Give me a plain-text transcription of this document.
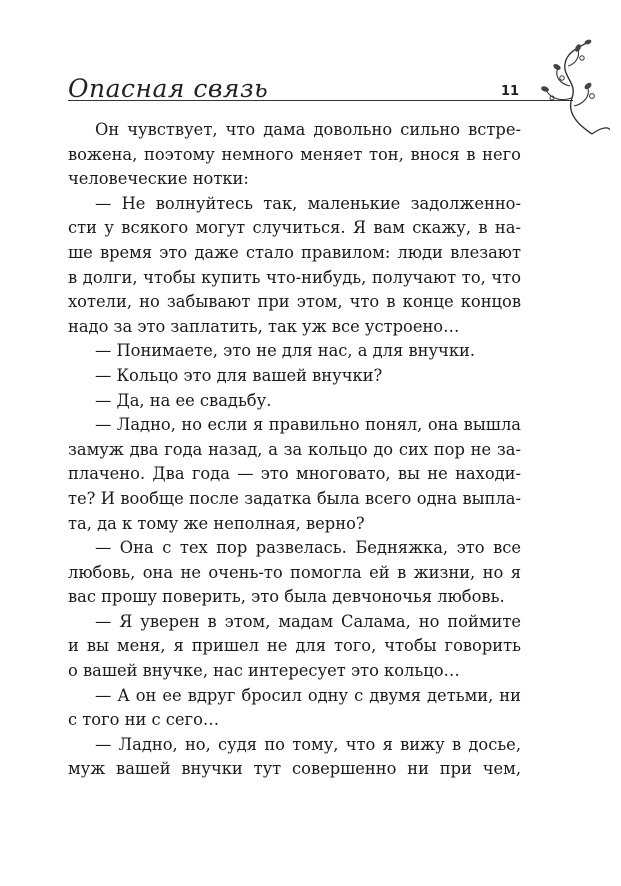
Опасная связь	11
Он чувствует, что дама довольно сильно встре-
вожена, поэтому немного меняет тон, внося в него
человеческие нотки:
— Не волнуйтесь так, маленькие задолженно-
сти у всякого могут случиться. Я вам скажу, в на-
ше время это даже стало правилом: люди влезают
в долги, чтобы купить что-нибудь, получают то, что
хотели, но забывают при этом, что в конце концов
надо за это заплатить, так уж все устроено…
— Понимаете, это не для нас, а для внучки.
— Кольцо это для вашей внучки?
— Да, на ее свадьбу.
— Ладно, но если я правильно понял, она вышла
замуж два года назад, а за кольцо до сих пор не за-
плачено. Два года — это многовато, вы не находи-
те? И вообще после задатка была всего одна выпла-
та, да к тому же неполная, верно?
— Она с тех пор развелась. Бедняжка, это все
любовь, она не очень-то помогла ей в жизни, но я
вас прошу поверить, это была девчоночья любовь.
— Я уверен в этом, мадам Салама, но поймите
и вы меня, я пришел не для того, чтобы говорить
о вашей внучке, нас интересует это кольцо…
— А он ее вдруг бросил одну с двумя детьми, ни
с того ни с сего…
— Ладно, но, судя по тому, что я вижу в досье,
муж вашей внучки тут совершенно ни при чем,
